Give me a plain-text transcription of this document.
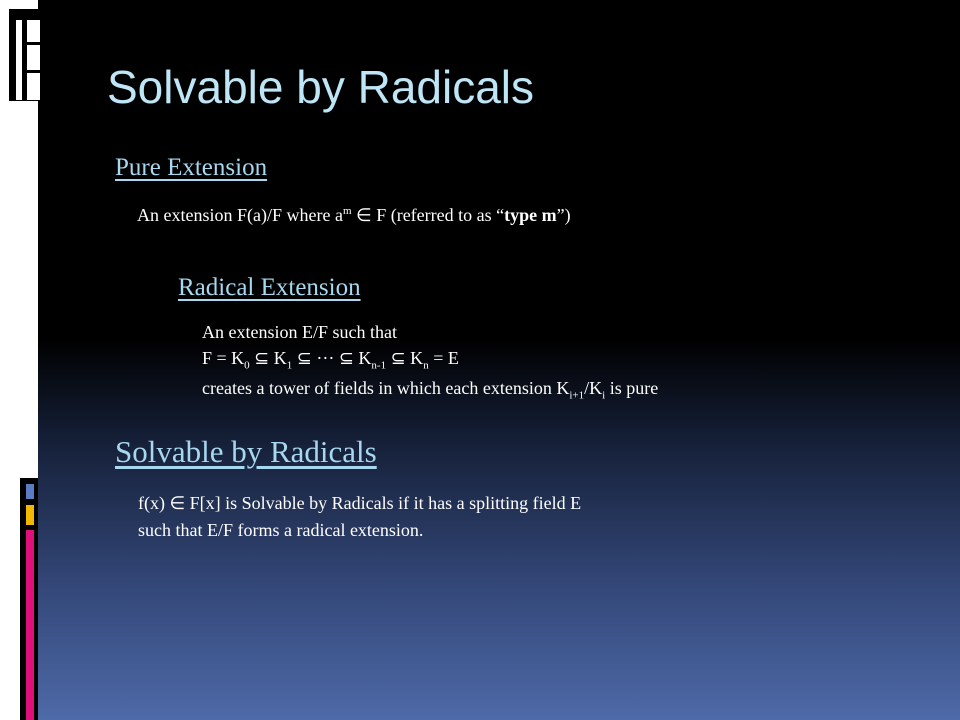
Solvable by Radicals
Pure Extension

An extension F(a)/F where $a^m$ ∈ F (referred to as “type m”)

Radical Extension
An extension E/F such that
$F = K_0$ ⊆ $K_1$ ⊆ ··· ⊆ $K_{n-1}$ ⊆ $K_n = E$
creates a tower of fields in which each extension $K_{i+1}/K_i$ is pure
Solvable by Radicals
f(x) ∈ F[x] is Solvable by Radicals if it has a splitting field E
such that E/F forms a radical extension.
